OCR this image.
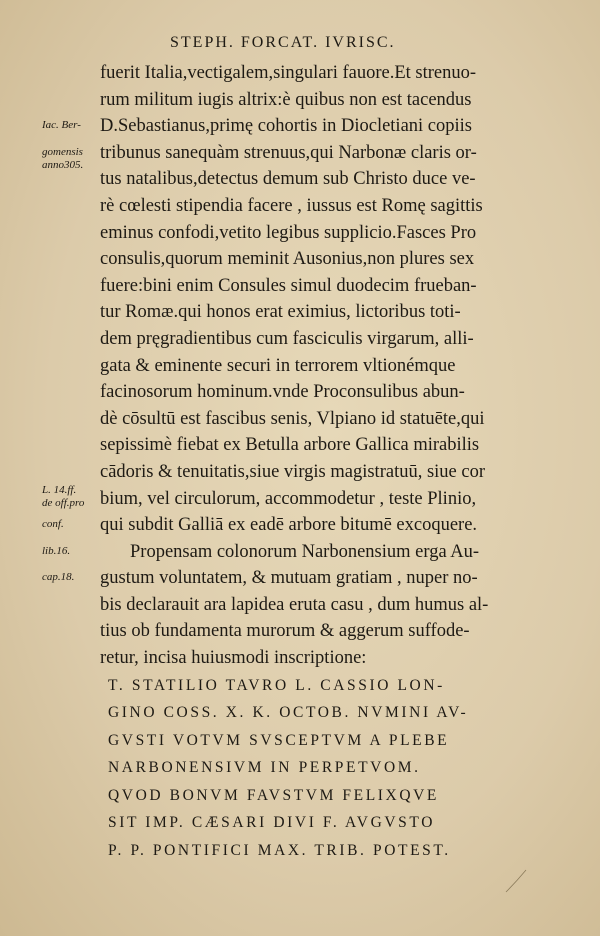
STEPH. FORCAT. IVRISC.
fuerit Italia,vectigalem,singulari fauore.Et strenuo-
rum militum iugis altrix:è quibus non est tacendus
D.Sebastianus,primę cohortis in Diocletiani copiis
tribunus sanequàm strenuus,qui Narbonæ claris or-
tus natalibus,detectus demum sub Christo duce ve-
rè cœlesti stipendia facere , iussus est Romę sagittis
eminus confodi,vetito legibus supplicio.Fasces Pro
consulis,quorum meminit Ausonius,non plures sex
fuere:bini enim Consules simul duodecim frueban-
tur Romæ.qui honos erat eximius, lictoribus toti-
dem pręgradientibus cum fasciculis virgarum, alli-
gata & eminente securi in terrorem vltionémque
facinosorum hominum.vnde Proconsulibus abun-
dè cōsultū est fascibus senis, Vlpiano id statuēte,qui
sepissimè fiebat ex Betulla arbore Gallica mirabilis
cādoris & tenuitatis,siue virgis magistratuū, siue cor
bium, vel circulorum, accommodetur , teste Plinio,
qui subdit Galliā ex eadē arbore bitumē excoquere.
Propensam colonorum Narbonensium erga Au-
gustum voluntatem, & mutuam gratiam , nuper no-
bis declarauit ara lapidea eruta casu , dum humus al-
tius ob fundamenta murorum & aggerum suffode-
retur, incisa huiusmodi inscriptione:
T. STATILIO TAVRO L. CASSIO LON-
GINO COSS. X. K. OCTOB. NVMINI AV-
GVSTI VOTVM SVSCEPTVM A PLEBE
NARBONENSIVM IN PERPETVOM.
QVOD BONVM FAVSTVM FELIXQVE
SIT IMP. CÆSARI DIVI F. AVGVSTO
P. P. PONTIFICI MAX. TRIB. POTEST.
Iac. Ber-
gomensis
anno305.
L. 14.ff.
de off.pro
conf.
lib.16.
cap.18.
